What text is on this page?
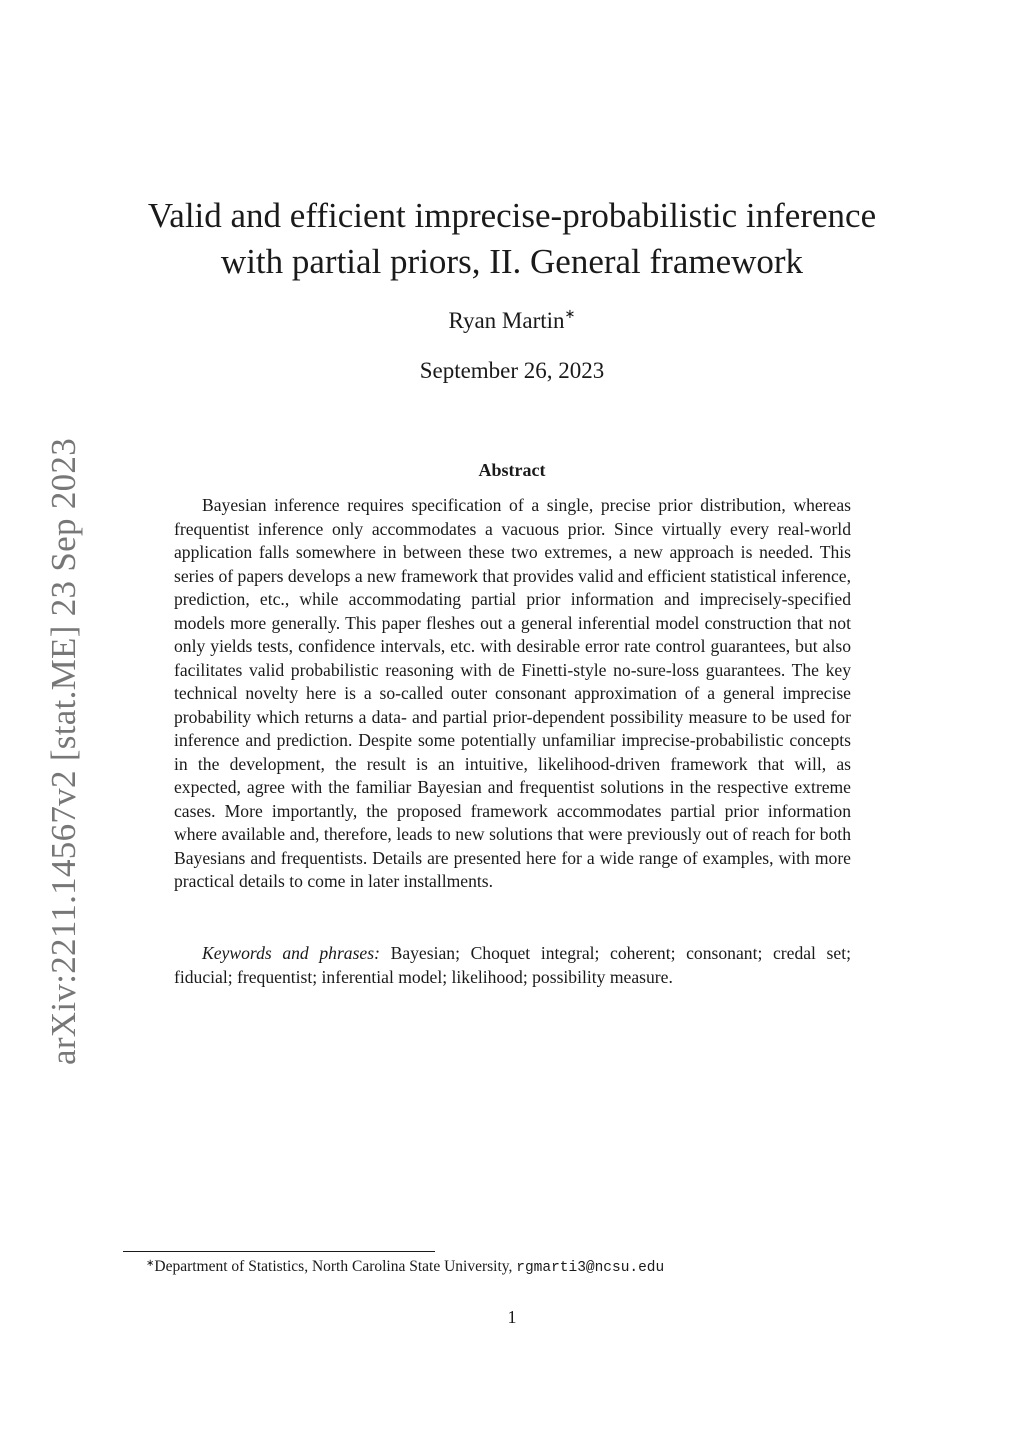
arXiv:2211.14567v2 [stat.ME] 23 Sep 2023
Valid and efficient imprecise-probabilistic inference
with partial priors, II. General framework
Ryan Martin∗
September 26, 2023
Abstract

Bayesian inference requires specification of a single, precise prior distribution, whereas frequentist inference only accommodates a vacuous prior. Since virtually every real-world application falls somewhere in between these two extremes, a new approach is needed. This series of papers develops a new framework that provides valid and efficient statistical inference, prediction, etc., while accommodating partial prior information and imprecisely-specified models more generally. This paper fleshes out a general inferential model construction that not only yields tests, confidence intervals, etc. with desirable error rate control guarantees, but also facilitates valid probabilistic reasoning with de Finetti-style no-sure-loss guarantees. The key technical novelty here is a so-called outer consonant approximation of a general imprecise probability which returns a data- and partial prior-dependent possibility measure to be used for inference and prediction. Despite some potentially unfamiliar imprecise-probabilistic concepts in the development, the result is an intuitive, likelihood-driven framework that will, as expected, agree with the familiar Bayesian and frequentist solutions in the respective extreme cases. More importantly, the proposed framework accommodates partial prior information where available and, therefore, leads to new solutions that were previously out of reach for both Bayesians and frequentists. Details are presented here for a wide range of examples, with more practical details to come in later installments.

Keywords and phrases: Bayesian; Choquet integral; coherent; consonant; credal set; fiducial; frequentist; inferential model; likelihood; possibility measure.

∗Department of Statistics, North Carolina State University, rgmarti3@ncsu.edu
1
